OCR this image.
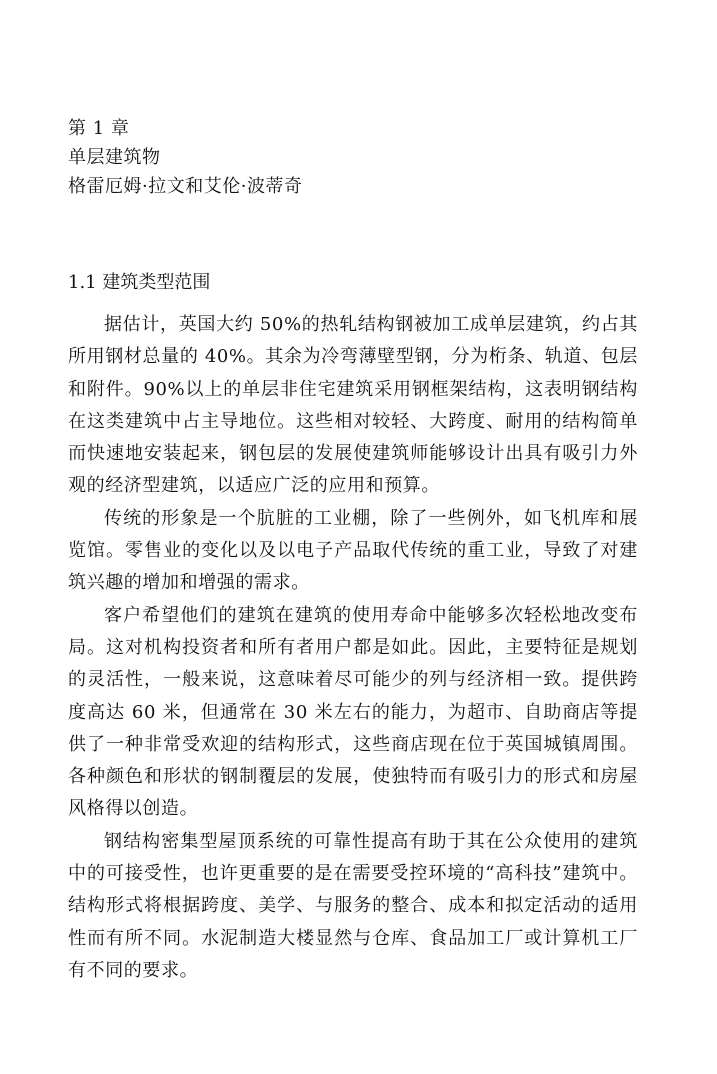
第 1 章
单层建筑物
格雷厄姆·拉文和艾伦·波蒂奇
1.1 建筑类型范围

据估计，英国大约 50%的热轧结构钢被加工成单层建筑，约占其所用钢材总量的 40%。其余为冷弯薄壁型钢，分为桁条、轨道、包层和附件。90%以上的单层非住宅建筑采用钢框架结构，这表明钢结构在这类建筑中占主导地位。这些相对较轻、大跨度、耐用的结构简单而快速地安装起来，钢包层的发展使建筑师能够设计出具有吸引力外观的经济型建筑，以适应广泛的应用和预算。

传统的形象是一个肮脏的工业棚，除了一些例外，如飞机库和展览馆。零售业的变化以及以电子产品取代传统的重工业，导致了对建筑兴趣的增加和增强的需求。

客户希望他们的建筑在建筑的使用寿命中能够多次轻松地改变布局。这对机构投资者和所有者用户都是如此。因此，主要特征是规划的灵活性，一般来说，这意味着尽可能少的列与经济相一致。提供跨度高达 60 米，但通常在 30 米左右的能力，为超市、自助商店等提供了一种非常受欢迎的结构形式，这些商店现在位于英国城镇周围。各种颜色和形状的钢制覆层的发展，使独特而有吸引力的形式和房屋风格得以创造。

钢结构密集型屋顶系统的可靠性提高有助于其在公众使用的建筑中的可接受性，也许更重要的是在需要受控环境的“高科技”建筑中。结构形式将根据跨度、美学、与服务的整合、成本和拟定活动的适用性而有所不同。水泥制造大楼显然与仓库、食品加工厂或计算机工厂有不同的要求。
